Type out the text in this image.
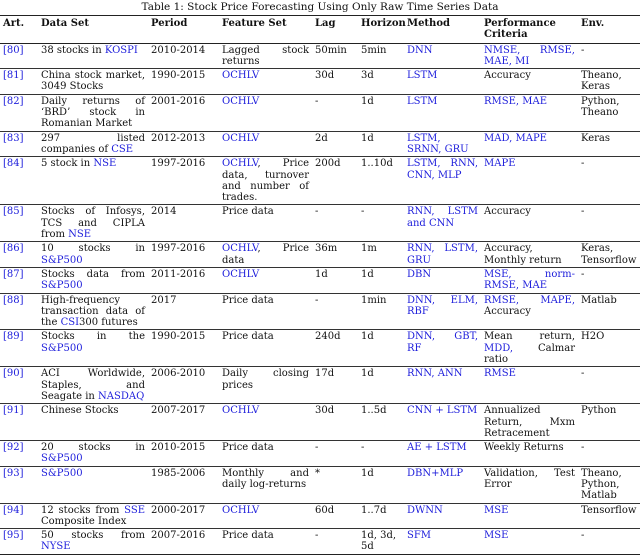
Table 1: Stock Price Forecasting Using Only Raw Time Series Data
Art.	Data Set	Period	Feature Set	Lag	Horizon	Method	Performance Criteria	Env.
[80]	38 stocks in KOSPI	2010-2014	Lagged stock returns	50min	5min	DNN	NMSE, RMSE, MAE, MI	-
[81]	China stock market, 3049 Stocks	1990-2015	OCHLV	30d	3d	LSTM	Accuracy	Theano, Keras
[82]	Daily returns of ‘BRD’ stock in Romanian Market	2001-2016	OCHLV	-	1d	LSTM	RMSE, MAE	Python, Theano
[83]	297 listed companies of CSE	2012-2013	OCHLV	2d	1d	LSTM, SRNN, GRU	MAD, MAPE	Keras
[84]	5 stock in NSE	1997-2016	OCHLV, Price data, turnover and number of trades.	200d	1..10d	LSTM, RNN, CNN, MLP	MAPE	-
[85]	Stocks of Infosys, TCS and CIPLA from NSE	2014	Price data	-	-	RNN, LSTM and CNN	Accuracy	-
[86]	10 stocks in S&P500	1997-2016	OCHLV, Price data	36m	1m	RNN, LSTM, GRU	Accuracy, Monthly return	Keras, Tensorflow
[87]	Stocks data from S&P500	2011-2016	OCHLV	1d	1d	DBN	MSE, norm-RMSE, MAE	-
[88]	High-frequency transaction data of the CSI300 futures	2017	Price data	-	1min	DNN, ELM, RBF	RMSE, MAPE, Accuracy	Matlab
[89]	Stocks in the S&P500	1990-2015	Price data	240d	1d	DNN, GBT, RF	Mean return, MDD, Calmar ratio	H2O
[90]	ACI Worldwide, Staples, and Seagate in NASDAQ	2006-2010	Daily closing prices	17d	1d	RNN, ANN	RMSE	-
[91]	Chinese Stocks	2007-2017	OCHLV	30d	1..5d	CNN + LSTM	Annualized Return, Mxm Retracement	Python
[92]	20 stocks in S&P500	2010-2015	Price data	-	-	AE + LSTM	Weekly Returns	-
[93]	S&P500	1985-2006	Monthly and daily log-returns	*	1d	DBN+MLP	Validation, Test Error	Theano, Python, Matlab
[94]	12 stocks from SSE Composite Index	2000-2017	OCHLV	60d	1..7d	DWNN	MSE	Tensorflow
[95]	50 stocks from NYSE	2007-2016	Price data	-	1d, 3d, 5d	SFM	MSE	-
